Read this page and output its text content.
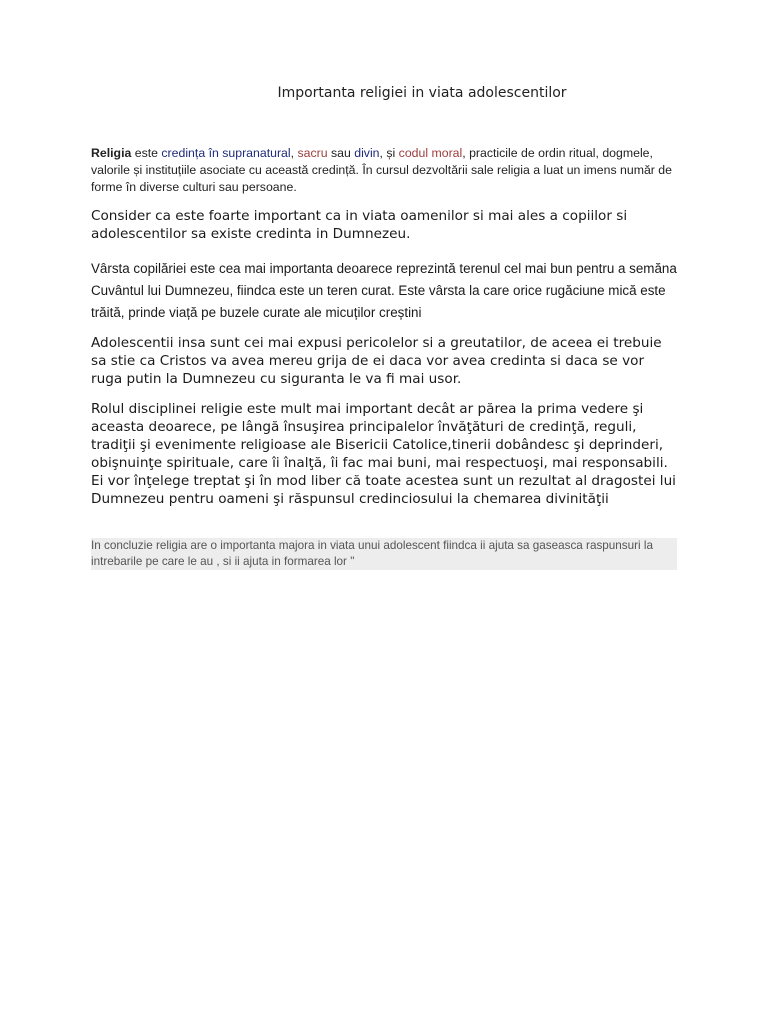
Importanta religiei in viata adolescentilor
Religia este credința în supranatural, sacru sau divin, și codul moral, practicile de ordin ritual, dogmele, valorile și instituțiile asociate cu această credință. În cursul dezvoltării sale religia a luat un imens număr de forme în diverse culturi sau persoane.
Consider ca este foarte important ca in viata oamenilor si mai ales a copiilor si adolescentilor sa existe credinta in Dumnezeu.
Vârsta copilăriei este cea mai importanta deoarece reprezintă terenul cel mai bun pentru a semăna Cuvântul lui Dumnezeu, fiindca este un teren curat. Este vârsta la care orice rugăciune mică este trăită, prinde viață pe buzele curate ale micuților creștini
Adolescentii insa sunt cei mai expusi pericolelor si a greutatilor, de aceea ei trebuie sa stie ca Cristos va avea mereu grija de ei daca vor avea credinta si daca se vor ruga putin la Dumnezeu cu siguranta le va fi mai usor.
Rolul disciplinei religie este mult mai important decât ar părea la prima vedere şi aceasta deoarece, pe lângă însuşirea principalelor învăţături de credinţă, reguli, tradiţii şi evenimente religioase ale Bisericii Catolice,tinerii dobândesc şi deprinderi, obişnuinţe spirituale, care îi înalţă, îi fac mai buni, mai respectuoşi, mai responsabili. Ei vor înţelege treptat şi în mod liber că toate acestea sunt un rezultat al dragostei lui Dumnezeu pentru oameni şi răspunsul credinciosului la chemarea divinităţii
In concluzie religia are o importanta majora in viata unui adolescent fiindca ii ajuta sa gaseasca raspunsuri la intrebarile pe care le au , si ii ajuta in formarea lor "
